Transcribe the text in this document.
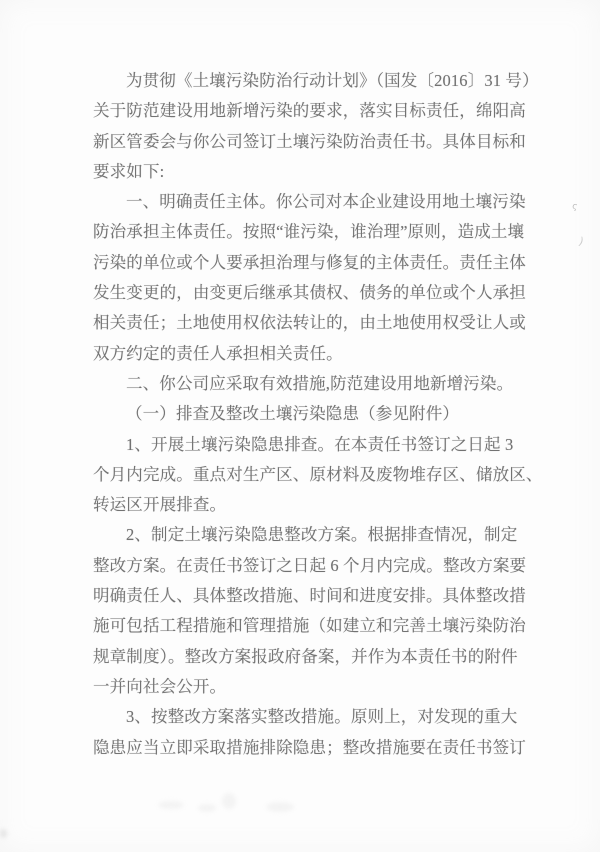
为贯彻《土壤污染防治行动计划》（国发〔2016〕31 号）
关于防范建设用地新增污染的要求，落实目标责任，绵阳高
新区管委会与你公司签订土壤污染防治责任书。具体目标和
要求如下:
一、明确责任主体。你公司对本企业建设用地土壤污染
防治承担主体责任。按照“谁污染，谁治理”原则，造成土壤
污染的单位或个人要承担治理与修复的主体责任。责任主体
发生变更的，由变更后继承其债权、债务的单位或个人承担
相关责任；土地使用权依法转让的，由土地使用权受让人或
双方约定的责任人承担相关责任。
二、你公司应采取有效措施,防范建设用地新增污染。
（一）排查及整改土壤污染隐患（参见附件）
1、开展土壤污染隐患排查。在本责任书签订之日起 3
个月内完成。重点对生产区、原材料及废物堆存区、储放区、
转运区开展排查。
2、制定土壤污染隐患整改方案。根据排查情况，制定
整改方案。在责任书签订之日起 6 个月内完成。整改方案要
明确责任人、具体整改措施、时间和进度安排。具体整改措
施可包括工程措施和管理措施（如建立和完善土壤污染防治
规章制度）。整改方案报政府备案，并作为本责任书的附件
一并向社会公开。
3、按整改方案落实整改措施。原则上，对发现的重大
隐患应当立即采取措施排除隐患；整改措施要在责任书签订
ς
)
